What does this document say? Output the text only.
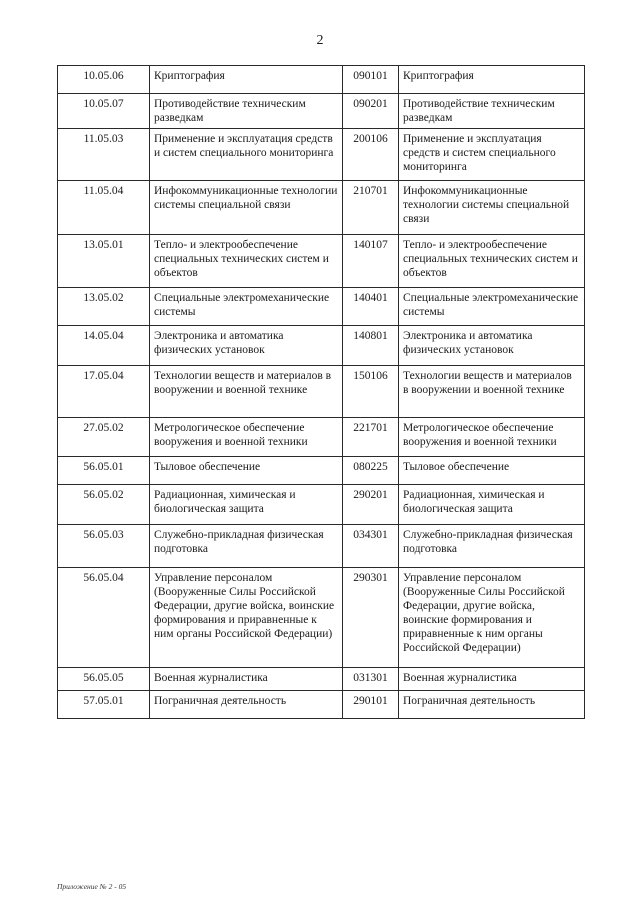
2
10.05.06	Криптография	090101	Криптография
10.05.07	Противодействие техническим разведкам	090201	Противодействие техническим разведкам
11.05.03	Применение и эксплуатация средств и систем специального мониторинга	200106	Применение и эксплуатация средств и систем специального мониторинга
11.05.04	Инфокоммуникационные технологии системы специальной связи	210701	Инфокоммуникационные технологии системы специальной связи
13.05.01	Тепло- и электрообеспечение специальных технических систем и объектов	140107	Тепло- и электрообеспечение специальных технических систем и объектов
13.05.02	Специальные электромеханические системы	140401	Специальные электромеханические системы
14.05.04	Электроника и автоматика физических установок	140801	Электроника и автоматика физических установок
17.05.04	Технологии веществ и материалов в вооружении и военной технике	150106	Технологии веществ и материалов в вооружении и военной технике
27.05.02	Метрологическое обеспечение вооружения и военной техники	221701	Метрологическое обеспечение вооружения и военной техники
56.05.01	Тыловое обеспечение	080225	Тыловое обеспечение
56.05.02	Радиационная, химическая и биологическая защита	290201	Радиационная, химическая и биологическая защита
56.05.03	Служебно-прикладная физическая подготовка	034301	Служебно-прикладная физическая подготовка
56.05.04	Управление персоналом (Вооруженные Силы Российской Федерации, другие войска, воинские формирования и приравненные к ним органы Российской Федерации)	290301	Управление персоналом (Вооруженные Силы Российской Федерации, другие войска, воинские формирования и приравненные к ним органы Российской Федерации)
56.05.05	Военная журналистика	031301	Военная журналистика
57.05.01	Пограничная деятельность	290101	Пограничная деятельность
Приложение № 2 - 05
